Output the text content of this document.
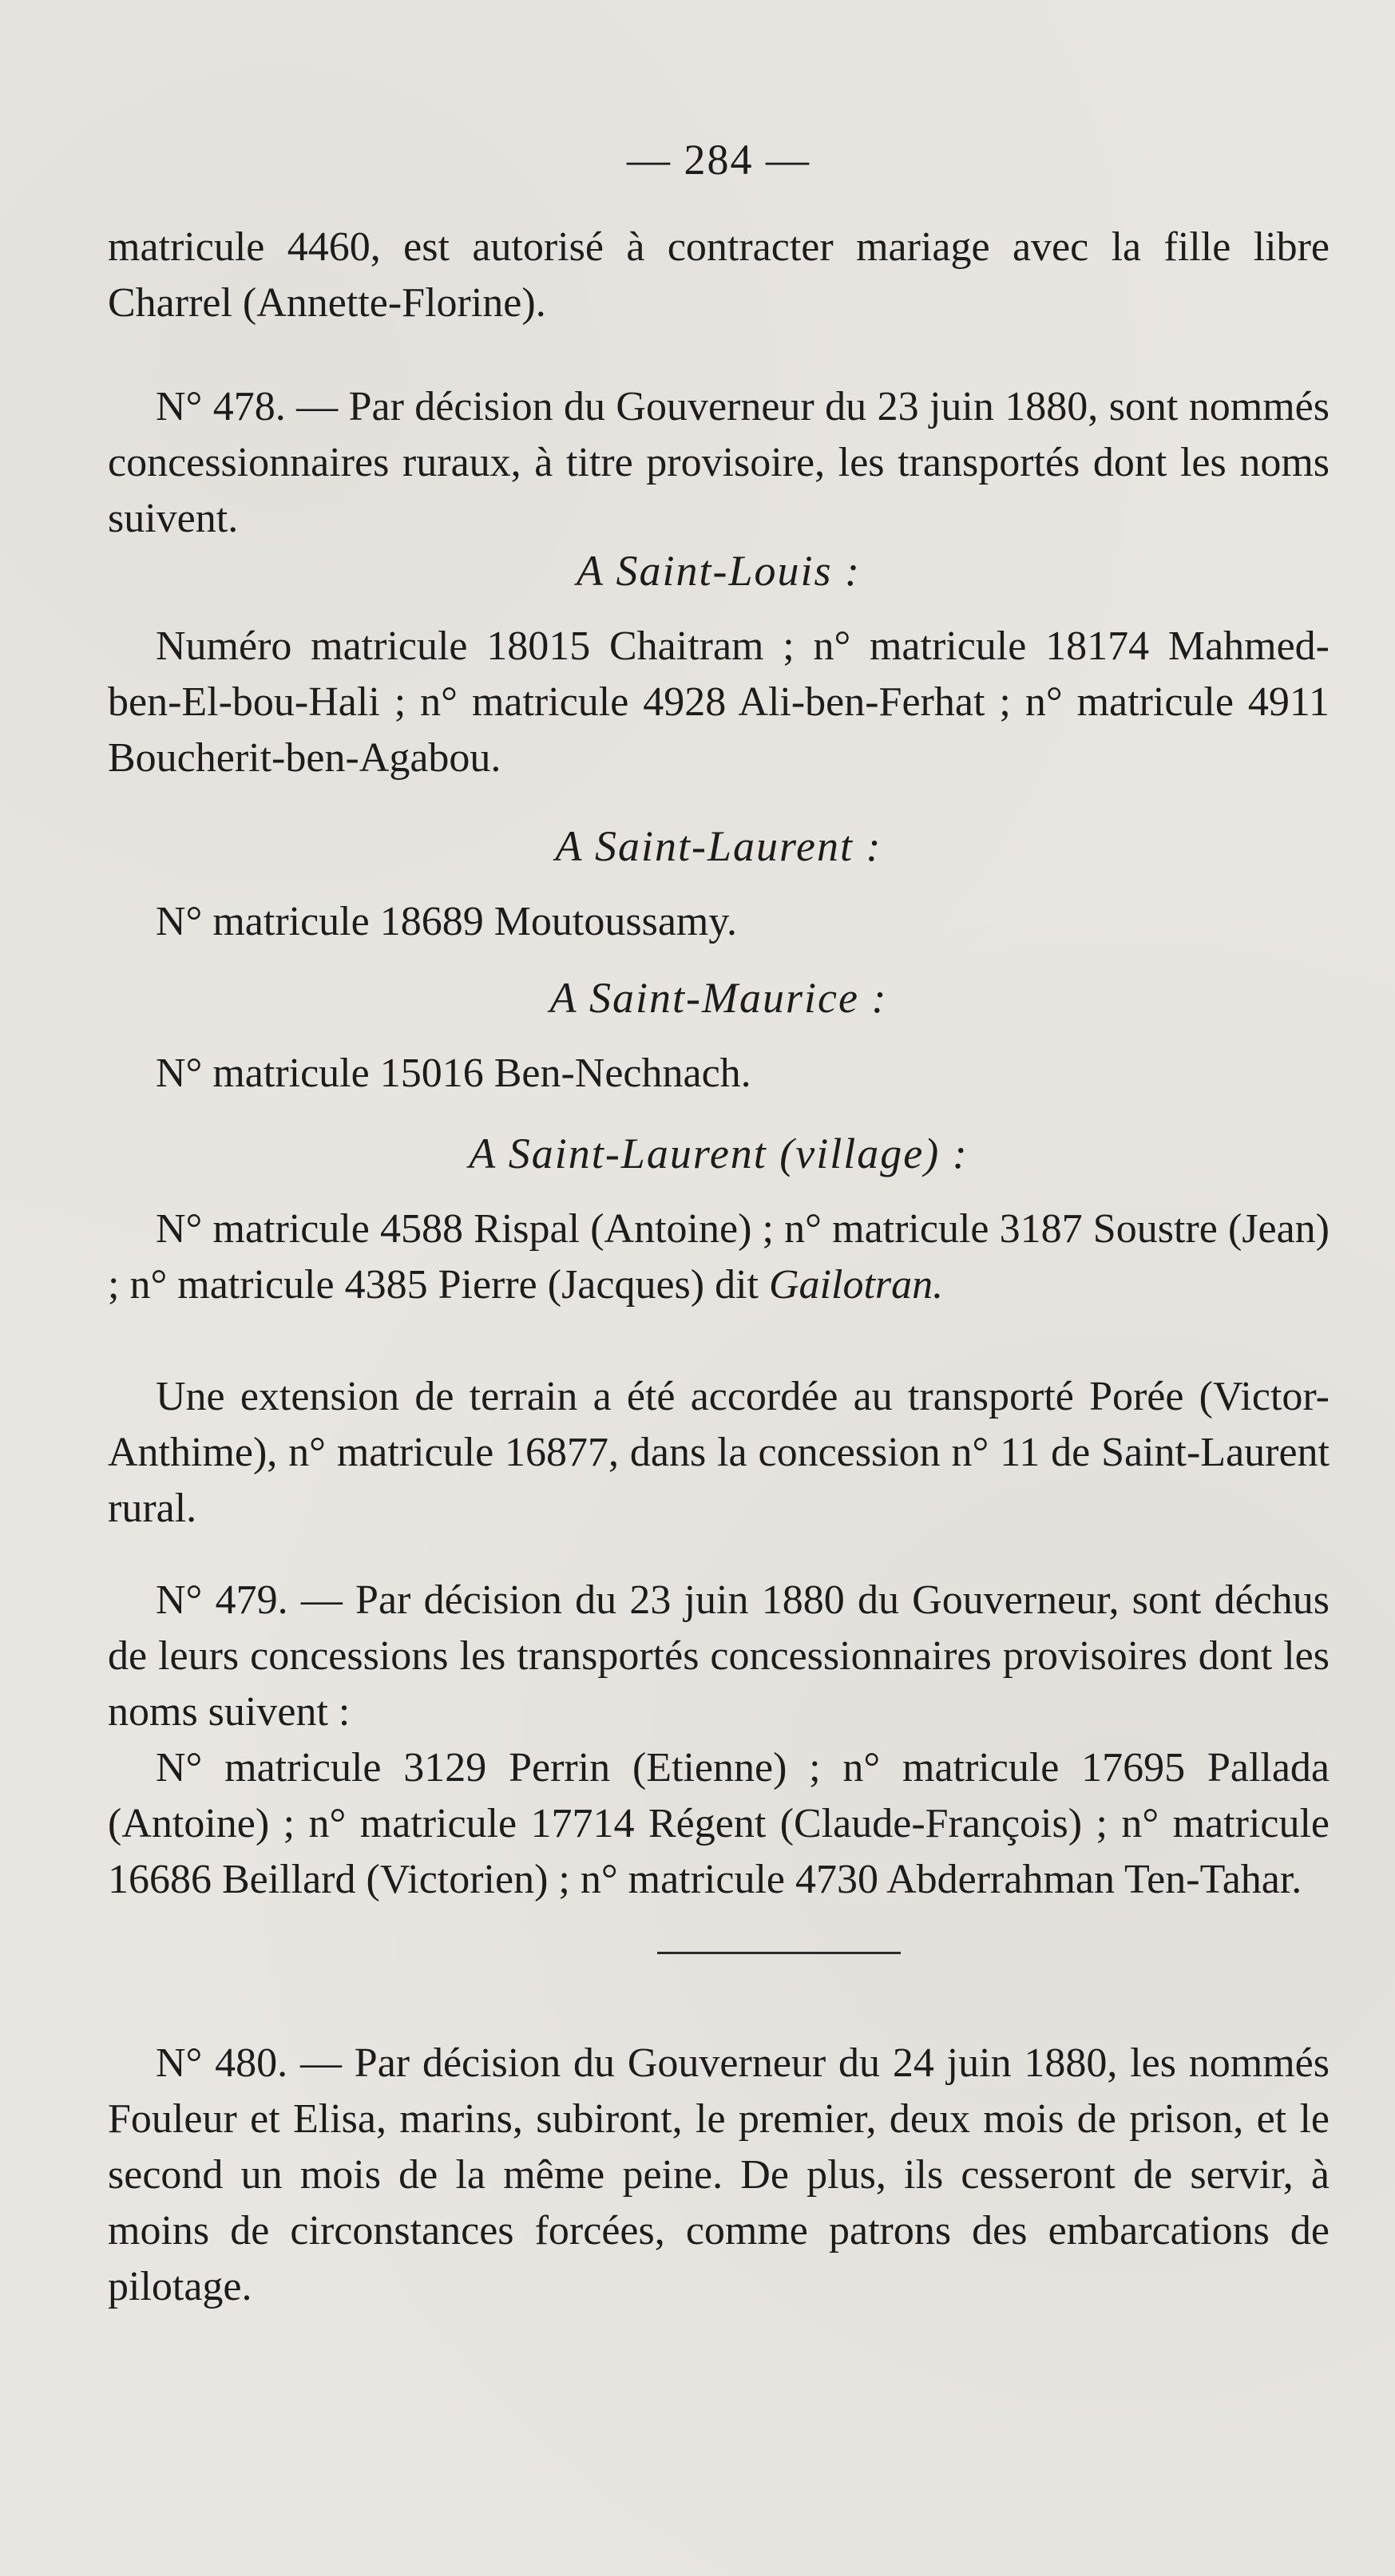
— 284 —

matricule 4460, est autorisé à contracter mariage avec la fille libre Charrel (Annette-Florine).

N° 478. — Par décision du Gouverneur du 23 juin 1880, sont nommés concessionnaires ruraux, à titre provisoire, les transportés dont les noms suivent.

A Saint-Louis :

Numéro matricule 18015 Chaitram ; n° matricule 18174 Mahmed-ben-El-bou-Hali ; n° matricule 4928 Ali-ben-Ferhat ; n° matricule 4911 Boucherit-ben-Agabou.

A Saint-Laurent :

N° matricule 18689 Moutoussamy.

A Saint-Maurice :

N° matricule 15016 Ben-Nechnach.

A Saint-Laurent (village) :

N° matricule 4588 Rispal (Antoine) ; n° matricule 3187 Soustre (Jean) ; n° matricule 4385 Pierre (Jacques) dit Gailotran.

Une extension de terrain a été accordée au transporté Porée (Victor-Anthime), n° matricule 16877, dans la concession n° 11 de Saint-Laurent rural.

N° 479. — Par décision du 23 juin 1880 du Gouverneur, sont déchus de leurs concessions les transportés concessionnaires provisoires dont les noms suivent :

N° matricule 3129 Perrin (Etienne) ; n° matricule 17695 Pallada (Antoine) ; n° matricule 17714 Régent (Claude-François) ; n° matricule 16686 Beillard (Victorien) ; n° matricule 4730 Abderrahman Ten-Tahar.

N° 480. — Par décision du Gouverneur du 24 juin 1880, les nommés Fouleur et Elisa, marins, subiront, le premier, deux mois de prison, et le second un mois de la même peine. De plus, ils cesseront de servir, à moins de circonstances forcées, comme patrons des embarcations de pilotage.
